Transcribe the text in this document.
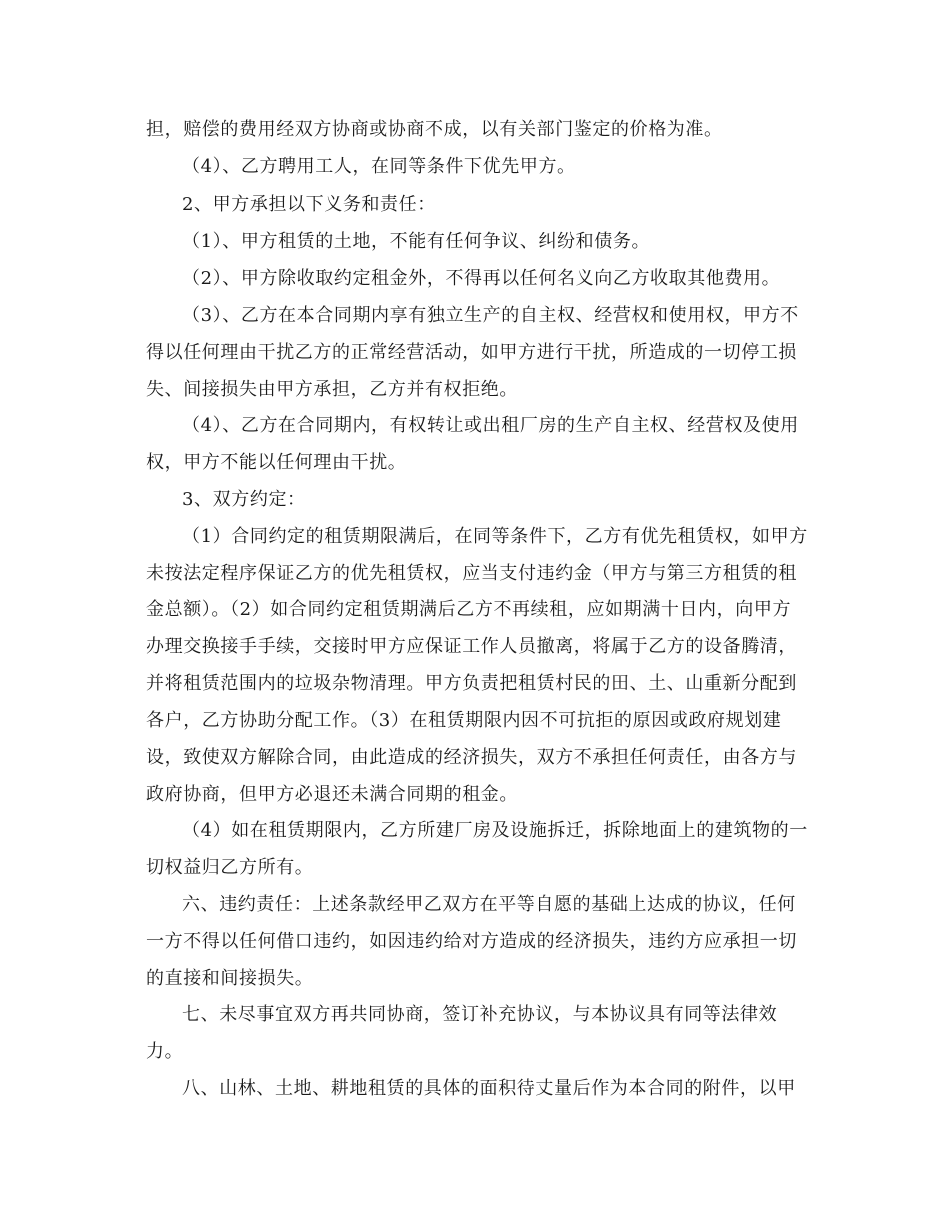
担，赔偿的费用经双方协商或协商不成，以有关部门鉴定的价格为准。
（4）、乙方聘用工人，在同等条件下优先甲方。
2、甲方承担以下义务和责任：
（1）、甲方租赁的土地，不能有任何争议、纠纷和债务。
（2）、甲方除收取约定租金外，不得再以任何名义向乙方收取其他费用。
（3）、乙方在本合同期内享有独立生产的自主权、经营权和使用权，甲方不
得以任何理由干扰乙方的正常经营活动，如甲方进行干扰，所造成的一切停工损
失、间接损失由甲方承担，乙方并有权拒绝。
（4）、乙方在合同期内，有权转让或出租厂房的生产自主权、经营权及使用
权，甲方不能以任何理由干扰。
3、双方约定：
（1）合同约定的租赁期限满后，在同等条件下，乙方有优先租赁权，如甲方
未按法定程序保证乙方的优先租赁权，应当支付违约金（甲方与第三方租赁的租
金总额）。（2）如合同约定租赁期满后乙方不再续租，应如期满十日内，向甲方
办理交换接手手续，交接时甲方应保证工作人员撤离，将属于乙方的设备腾清，
并将租赁范围内的垃圾杂物清理。甲方负责把租赁村民的田、土、山重新分配到
各户，乙方协助分配工作。（3）在租赁期限内因不可抗拒的原因或政府规划建
设，致使双方解除合同，由此造成的经济损失，双方不承担任何责任，由各方与
政府协商，但甲方必退还未满合同期的租金。
（4）如在租赁期限内，乙方所建厂房及设施拆迁，拆除地面上的建筑物的一
切权益归乙方所有。
六、违约责任：上述条款经甲乙双方在平等自愿的基础上达成的协议，任何
一方不得以任何借口违约，如因违约给对方造成的经济损失，违约方应承担一切
的直接和间接损失。
七、未尽事宜双方再共同协商，签订补充协议，与本协议具有同等法律效
力。
八、山林、土地、耕地租赁的具体的面积待丈量后作为本合同的附件，以甲
